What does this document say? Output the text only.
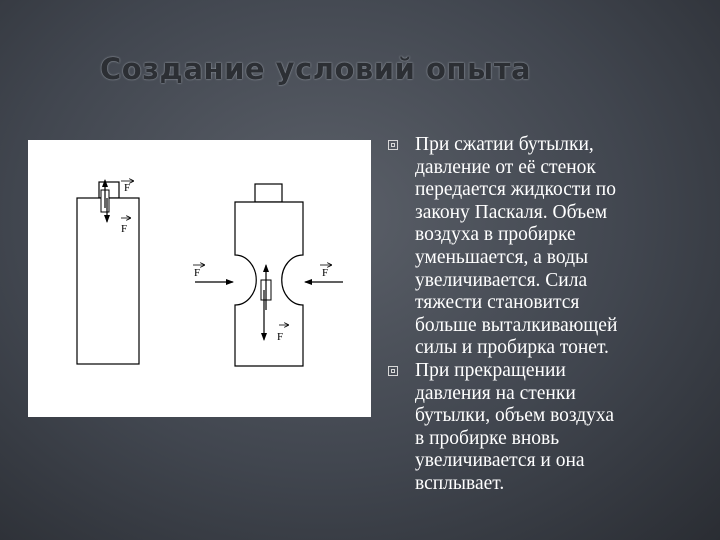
Создание условий опыта
F
F
F	F
F
При сжатии бутылки,
давление от её стенок
передается жидкости по
закону Паскаля. Объем
воздуха в пробирке
уменьшается, а воды
увеличивается. Сила
тяжести становится
больше выталкивающей
силы и пробирка тонет.
При прекращении
давления на стенки
бутылки, объем воздуха
в пробирке вновь
увеличивается и она
всплывает.
